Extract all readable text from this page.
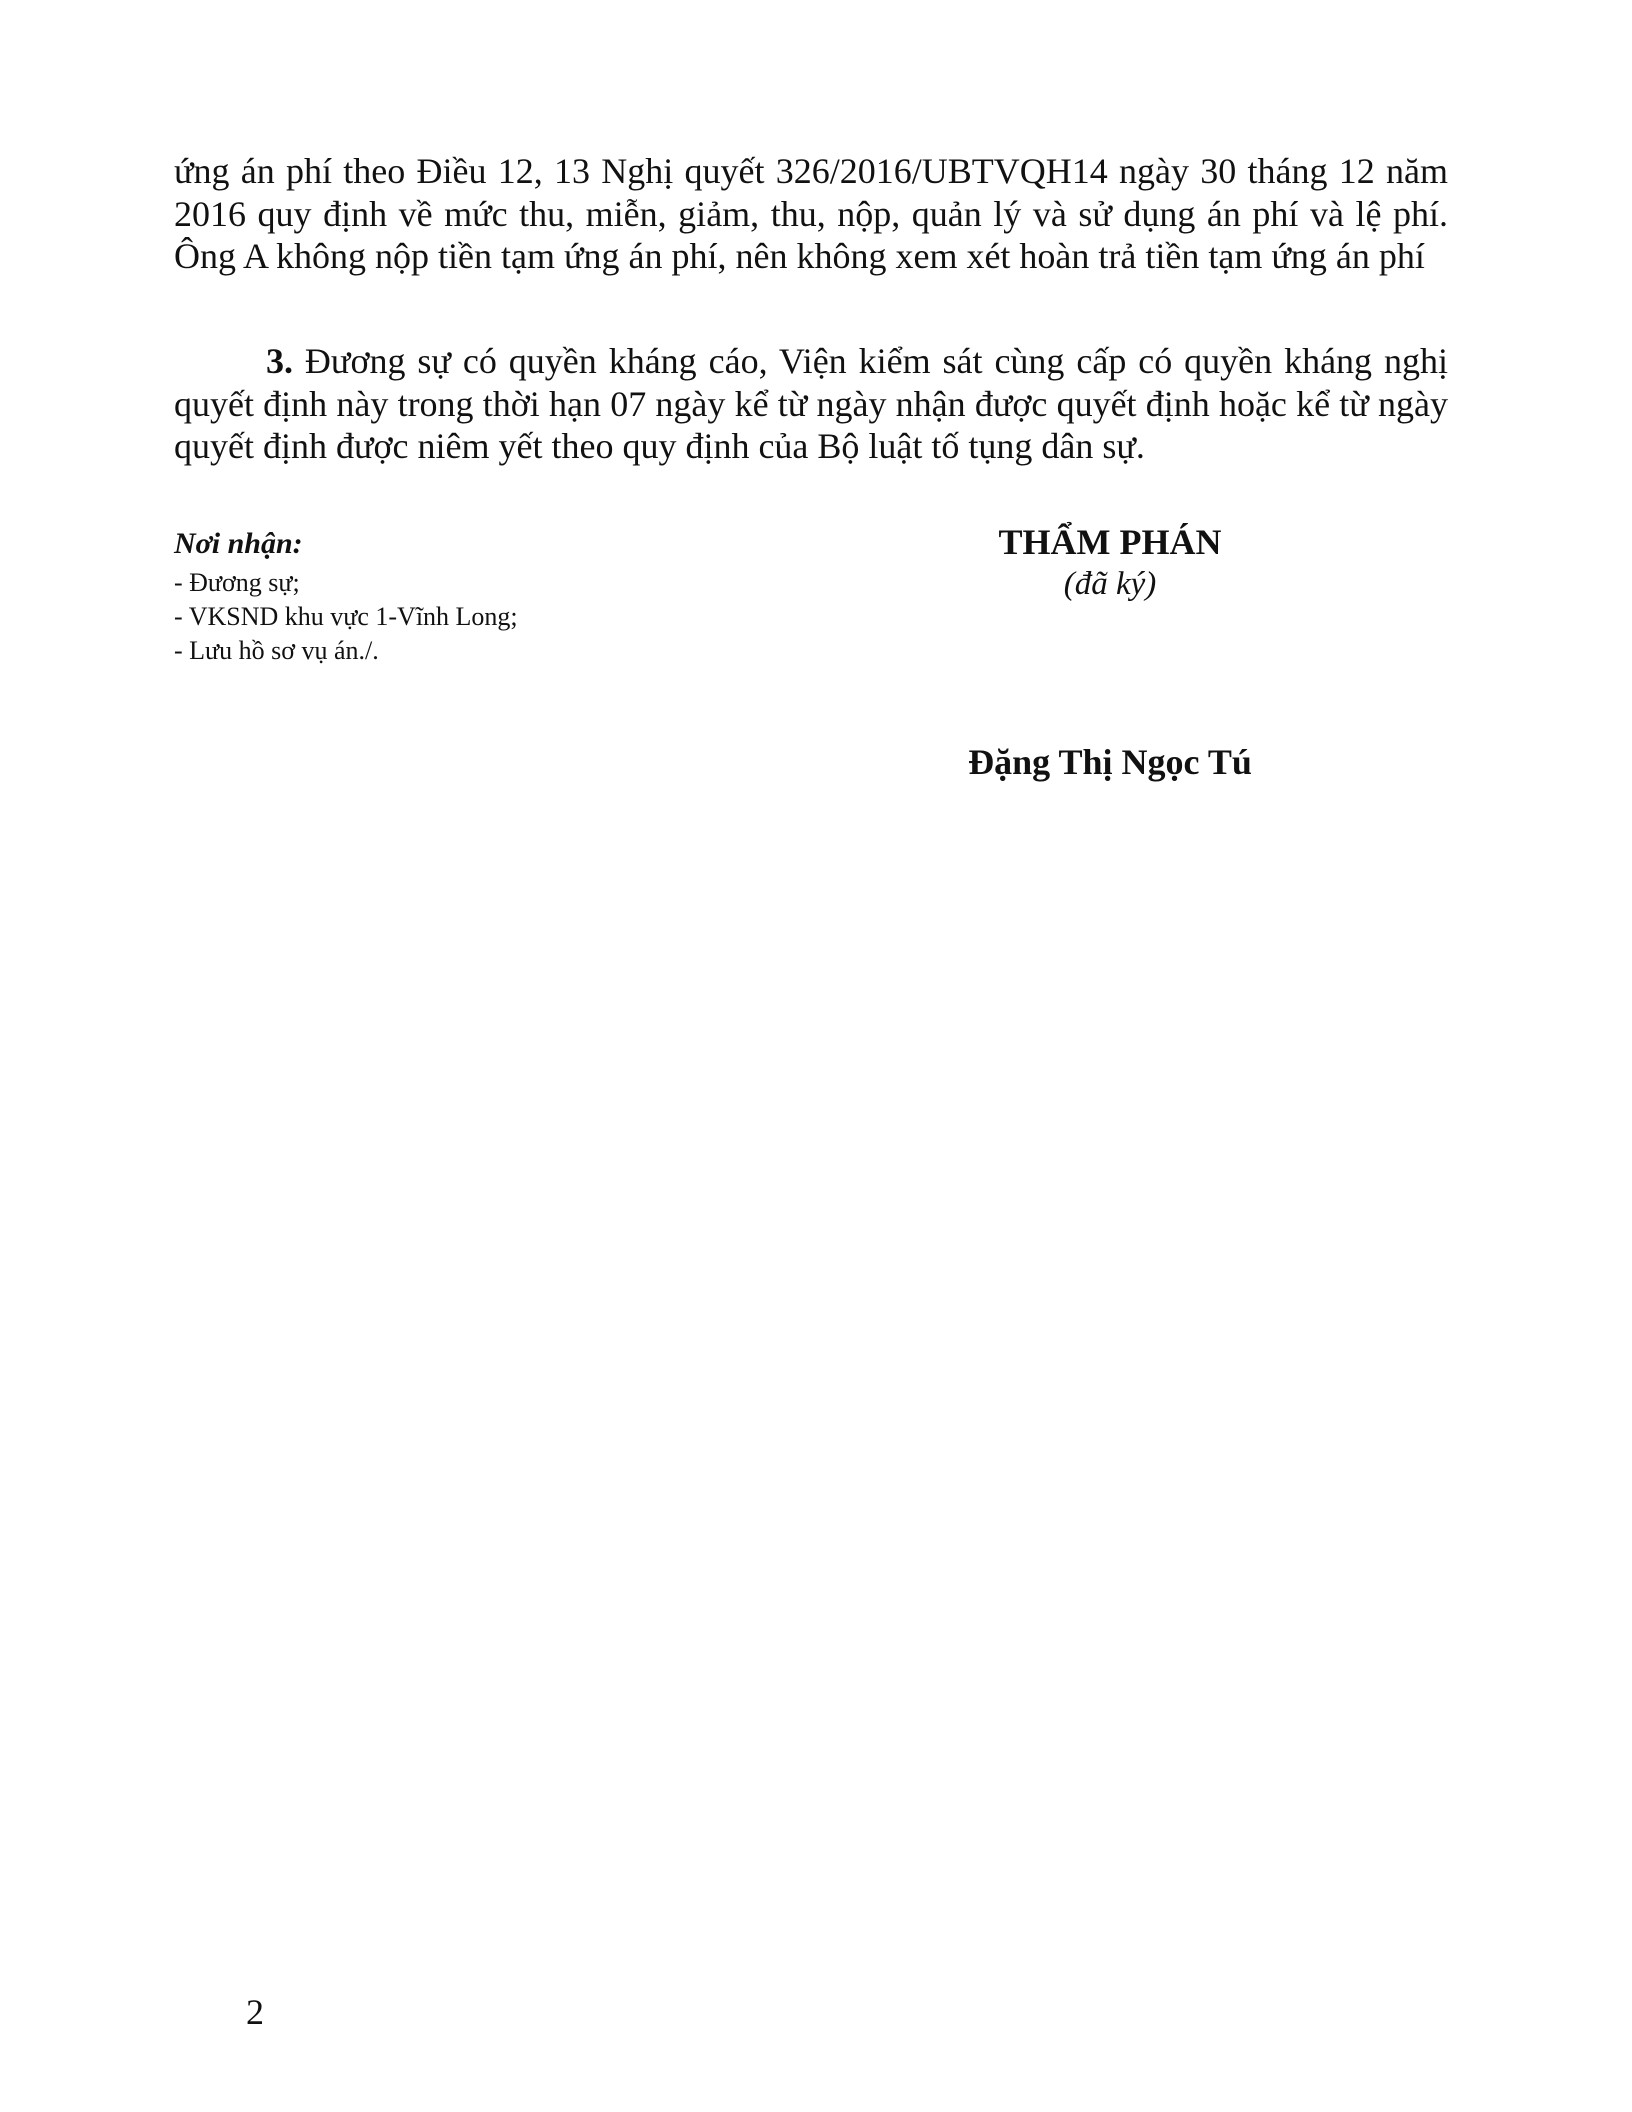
ứng án phí theo Điều 12, 13 Nghị quyết 326/2016/UBTVQH14 ngày 30 tháng 12 năm 2016 quy định về mức thu, miễn, giảm, thu, nộp, quản lý và sử dụng án phí và lệ phí. Ông A không nộp tiền tạm ứng án phí, nên không xem xét hoàn trả tiền tạm ứng án phí

3. Đương sự có quyền kháng cáo, Viện kiểm sát cùng cấp có quyền kháng nghị quyết định này trong thời hạn 07 ngày kể từ ngày nhận được quyết định hoặc kể từ ngày quyết định được niêm yết theo quy định của Bộ luật tố tụng dân sự.

Nơi nhận:

- Đương sự;
- VKSND khu vực 1-Vĩnh Long;
- Lưu hồ sơ vụ án./.

THẨM PHÁN

(đã ký)

Đặng Thị Ngọc Tú

2
